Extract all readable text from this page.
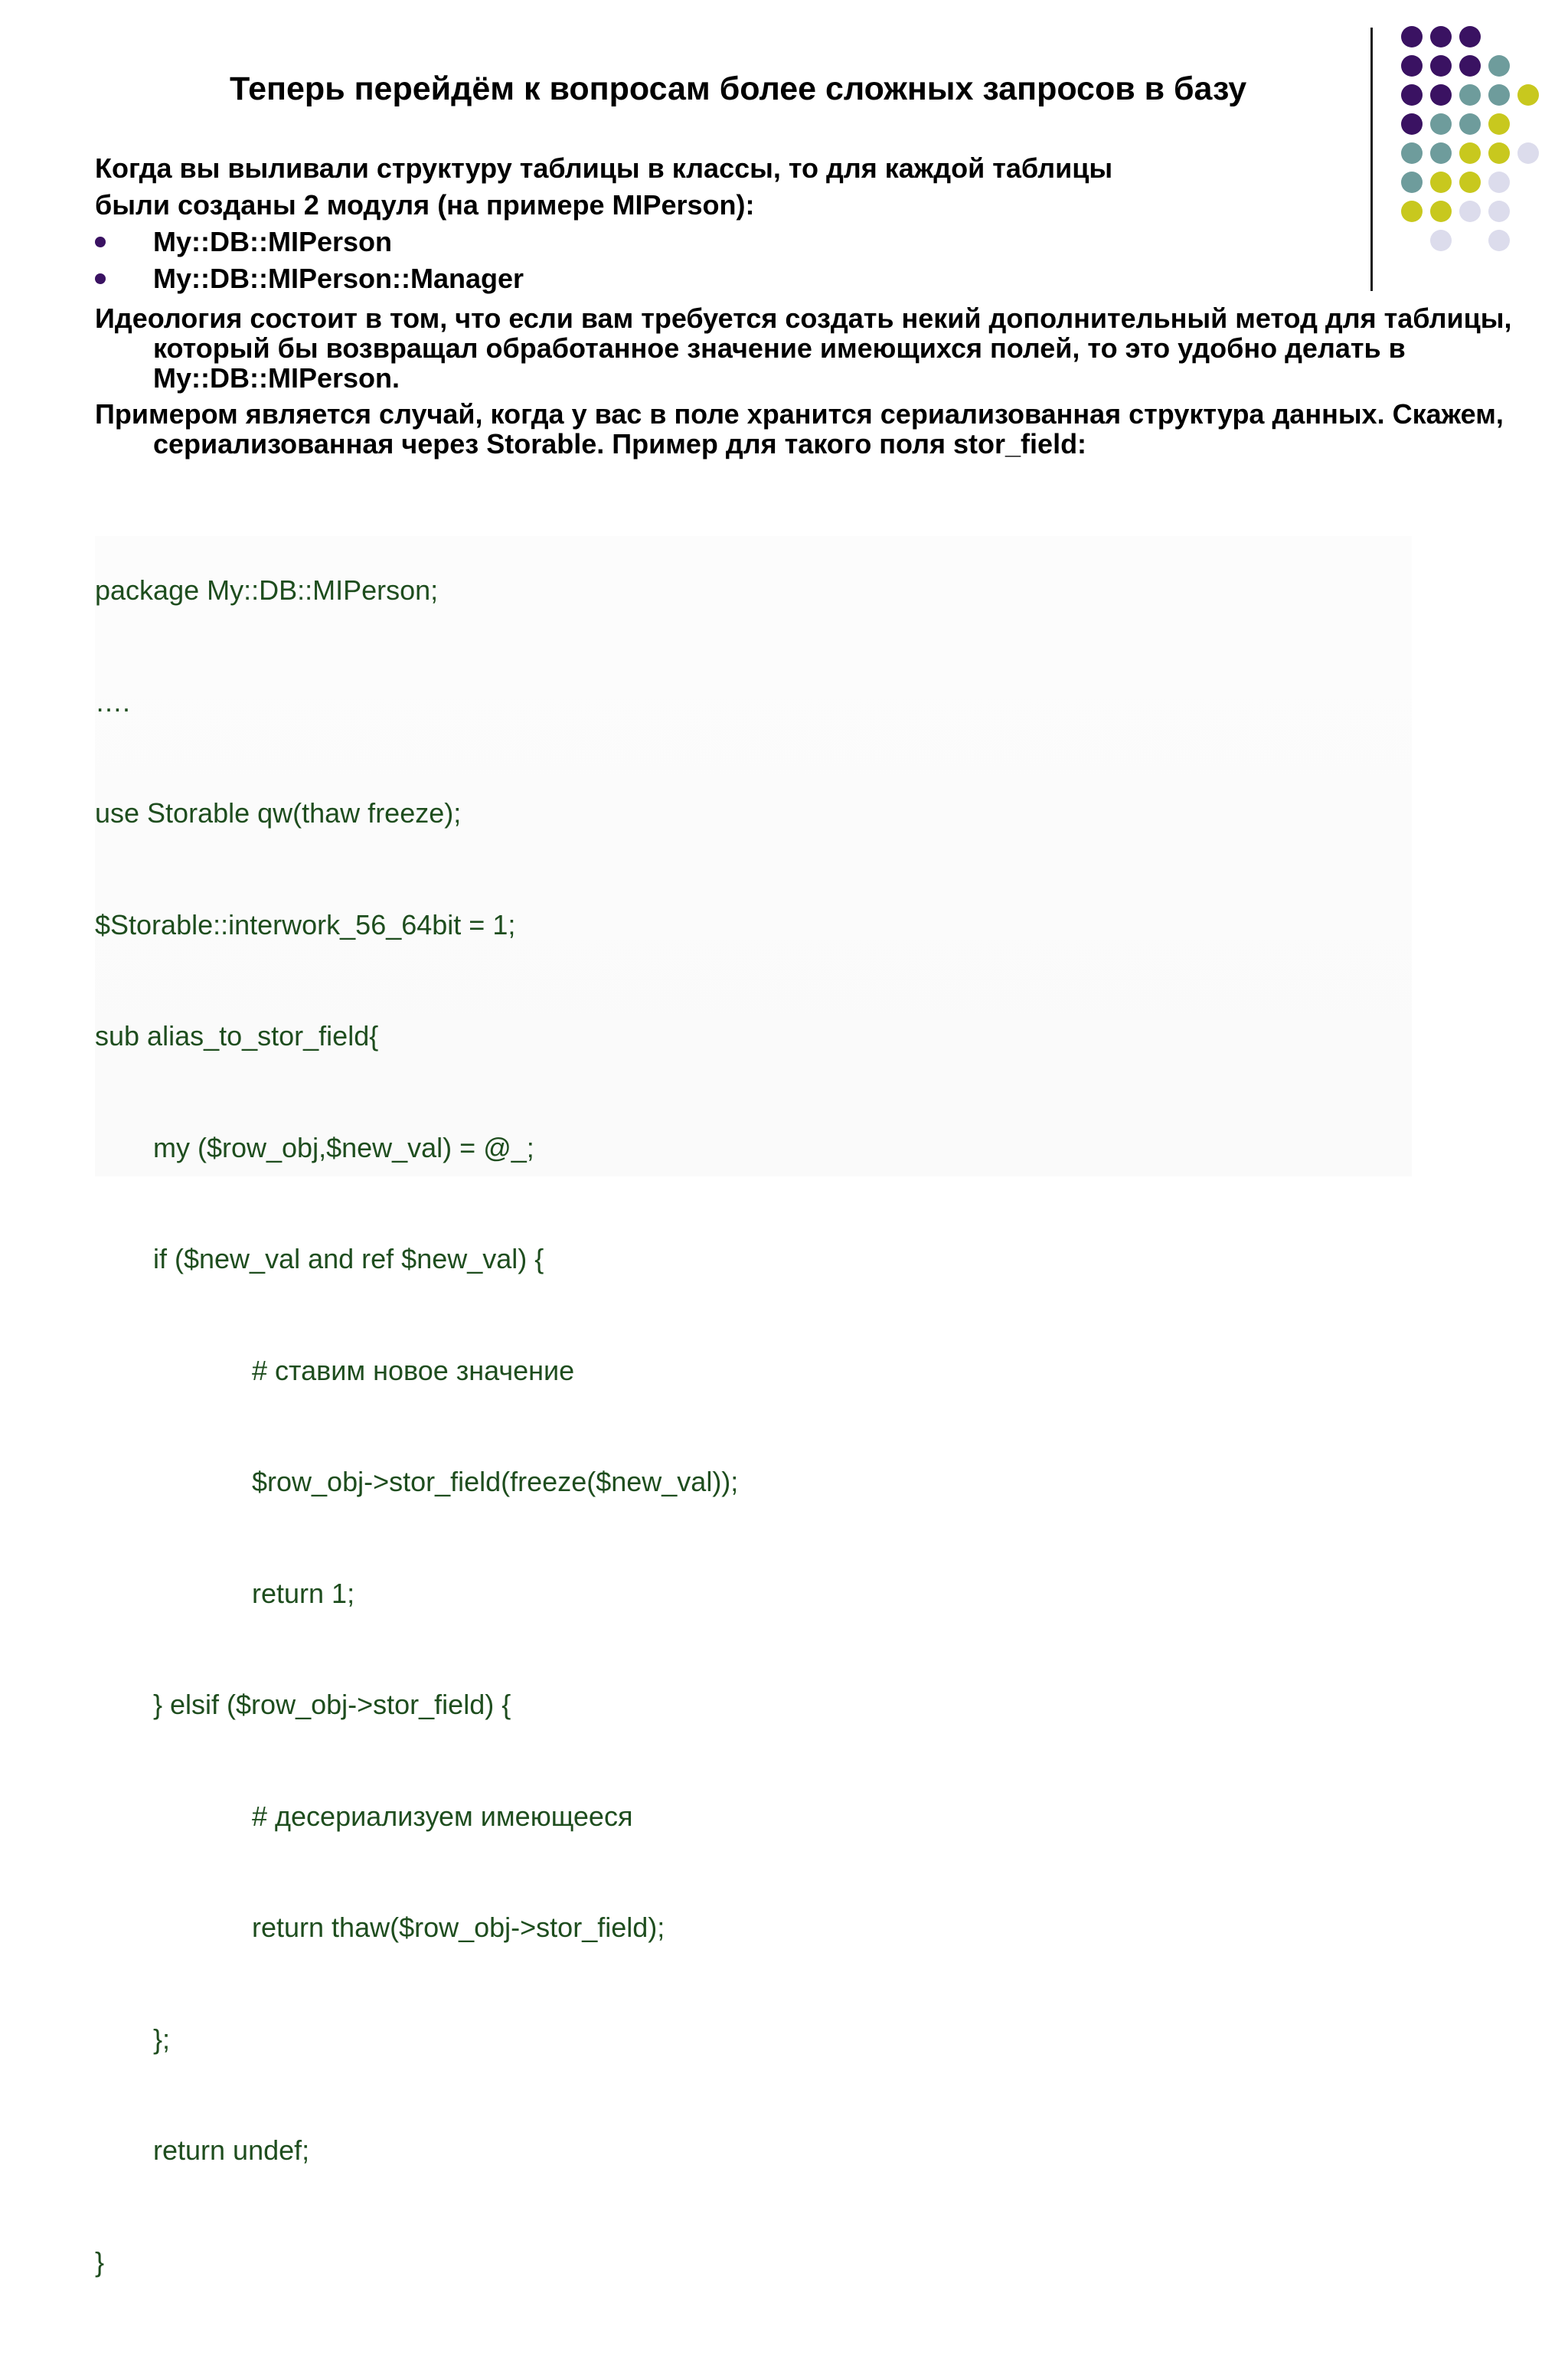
Теперь перейдём к вопросам более сложных запросов в базу

Когда вы выливали структуру таблицы в классы, то для каждой таблицы

были созданы 2 модуля (на примере MIPerson):

My::DB::MIPerson
My::DB::MIPerson::Manager

Идеология состоит в том, что если вам требуется создать некий дополнительный метод для таблицы, который бы возвращал обработанное значение имеющихся полей, то это удобно делать в My::DB::MIPerson.

Примером является случай, когда у вас в поле хранится сериализованная структура данных. Скажем, сериализованная через Storable. Пример для такого поля stor_field:

package My::DB::MIPerson;

….

use Storable qw(thaw freeze);

$Storable::interwork_56_64bit = 1;

sub alias_to_stor_field{

my ($row_obj,$new_val) = @_;

if ($new_val and ref $new_val) {

# ставим новое значение

$row_obj->stor_field(freeze($new_val));

return 1;

} elsif ($row_obj->stor_field) {

# десериализуем имеющееся

return thaw($row_obj->stor_field);

};

return undef;

}
